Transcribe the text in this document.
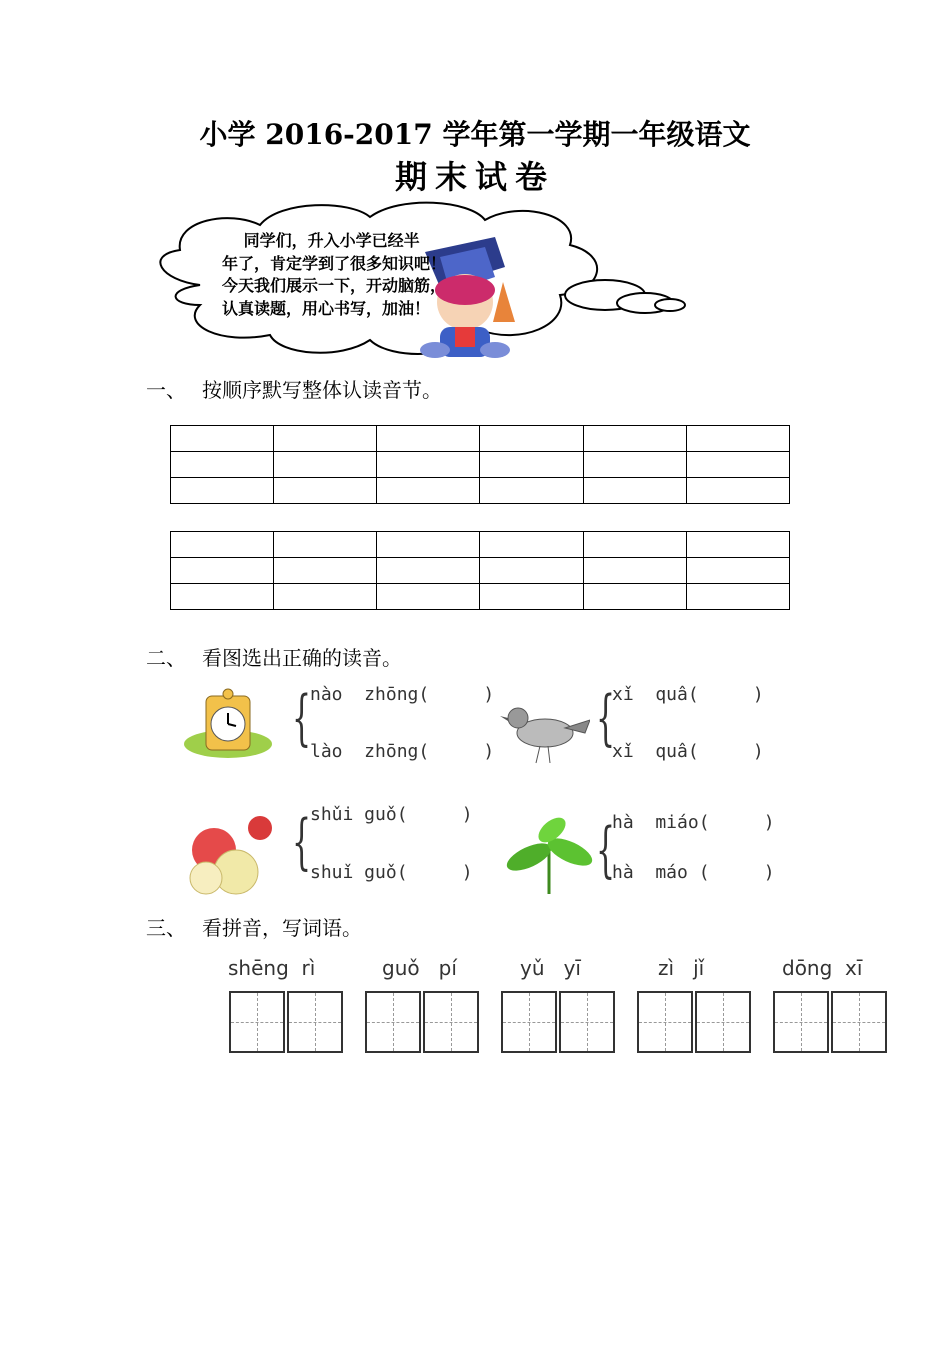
小学 2016-2017 学年第一学期一年级语文
期末试卷
　 同学们，升入小学已经半
年了，肯定学到了很多知识吧！
今天我们展示一下，开动脑筋，
认真读题，用心书写，加油！
一、 按顺序默写整体认读音节。

二、 看图选出正确的读音。
{
nào  zhōng(     )
lào  zhōng(     ) {
xǐ  quâ(     )
xǐ  quâ(     )
{
shǔi guǒ(     )
shuǐ guǒ(     ) {
hà  miáo(     )
hà  máo (     )
三、 看拼音，写词语。
shēng  rì	guǒ   pí	yǔ   yī	zì   jǐ	dōng  xī
